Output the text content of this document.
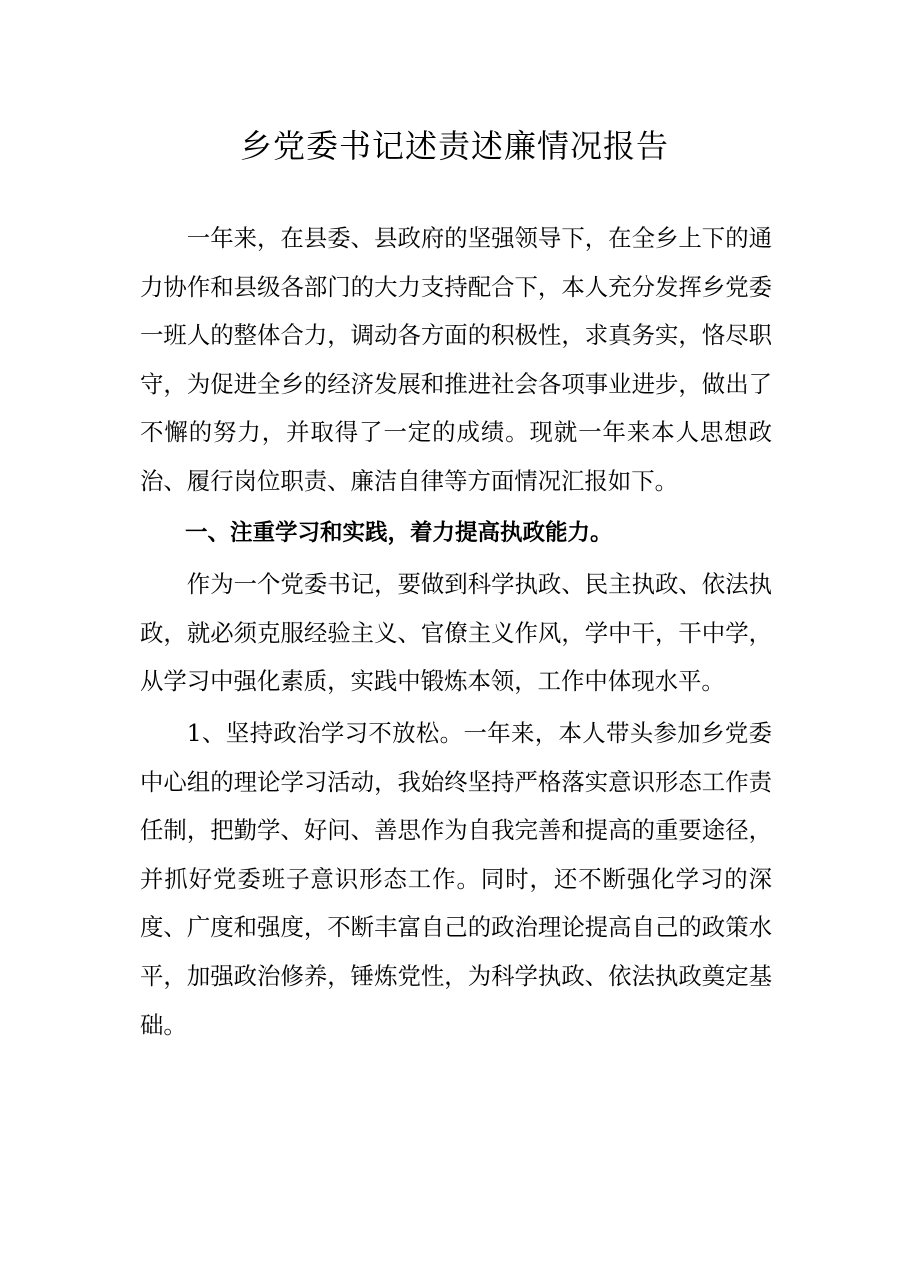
乡党委书记述责述廉情况报告

一年来，在县委、县政府的坚强领导下，在全乡上下的通力协作和县级各部门的大力支持配合下，本人充分发挥乡党委一班人的整体合力，调动各方面的积极性，求真务实，恪尽职守，为促进全乡的经济发展和推进社会各项事业进步，做出了不懈的努力，并取得了一定的成绩。现就一年来本人思想政治、履行岗位职责、廉洁自律等方面情况汇报如下。

一、注重学习和实践，着力提高执政能力。

作为一个党委书记，要做到科学执政、民主执政、依法执政，就必须克服经验主义、官僚主义作风，学中干，干中学，从学习中强化素质，实践中锻炼本领，工作中体现水平。

1、坚持政治学习不放松。一年来，本人带头参加乡党委中心组的理论学习活动，我始终坚持严格落实意识形态工作责任制，把勤学、好问、善思作为自我完善和提高的重要途径，并抓好党委班子意识形态工作。同时，还不断强化学习的深度、广度和强度，不断丰富自己的政治理论提高自己的政策水平，加强政治修养，锤炼党性，为科学执政、依法执政奠定基础。
